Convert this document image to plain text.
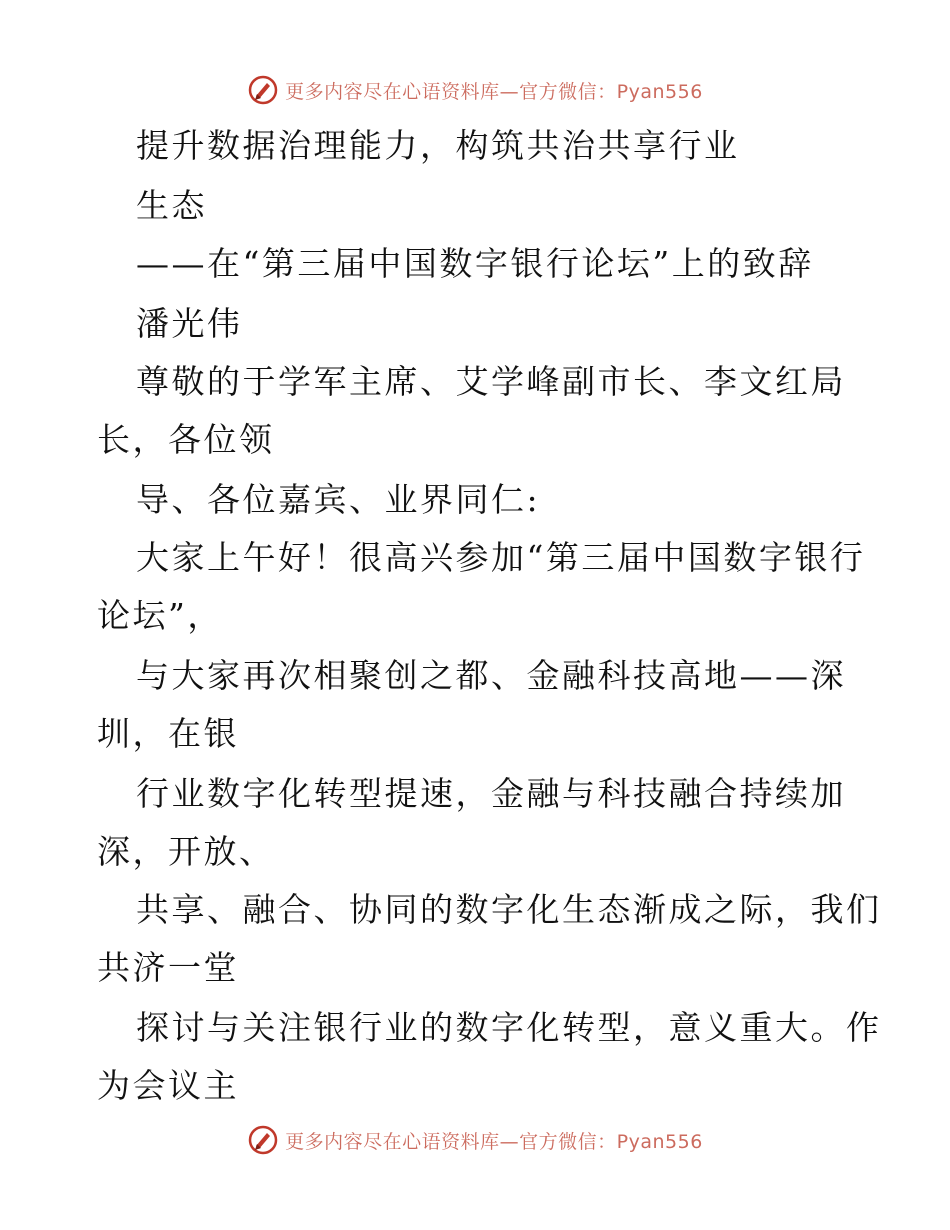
更多内容尽在心语资料库—官方微信：Pyan556
提升数据治理能力，构筑共治共享行业
生态
——在“第三届中国数字银行论坛”上的致辞
潘光伟
尊敬的于学军主席、艾学峰副市长、李文红局
长，各位领
导、各位嘉宾、业界同仁:
大家上午好！很高兴参加“第三届中国数字银行
论坛”，
与大家再次相聚创之都、金融科技高地——深
圳，在银
行业数字化转型提速，金融与科技融合持续加
深，开放、
共享、融合、协同的数字化生态渐成之际，我们
共济一堂
探讨与关注银行业的数字化转型，意义重大。作
为会议主
更多内容尽在心语资料库—官方微信：Pyan556
